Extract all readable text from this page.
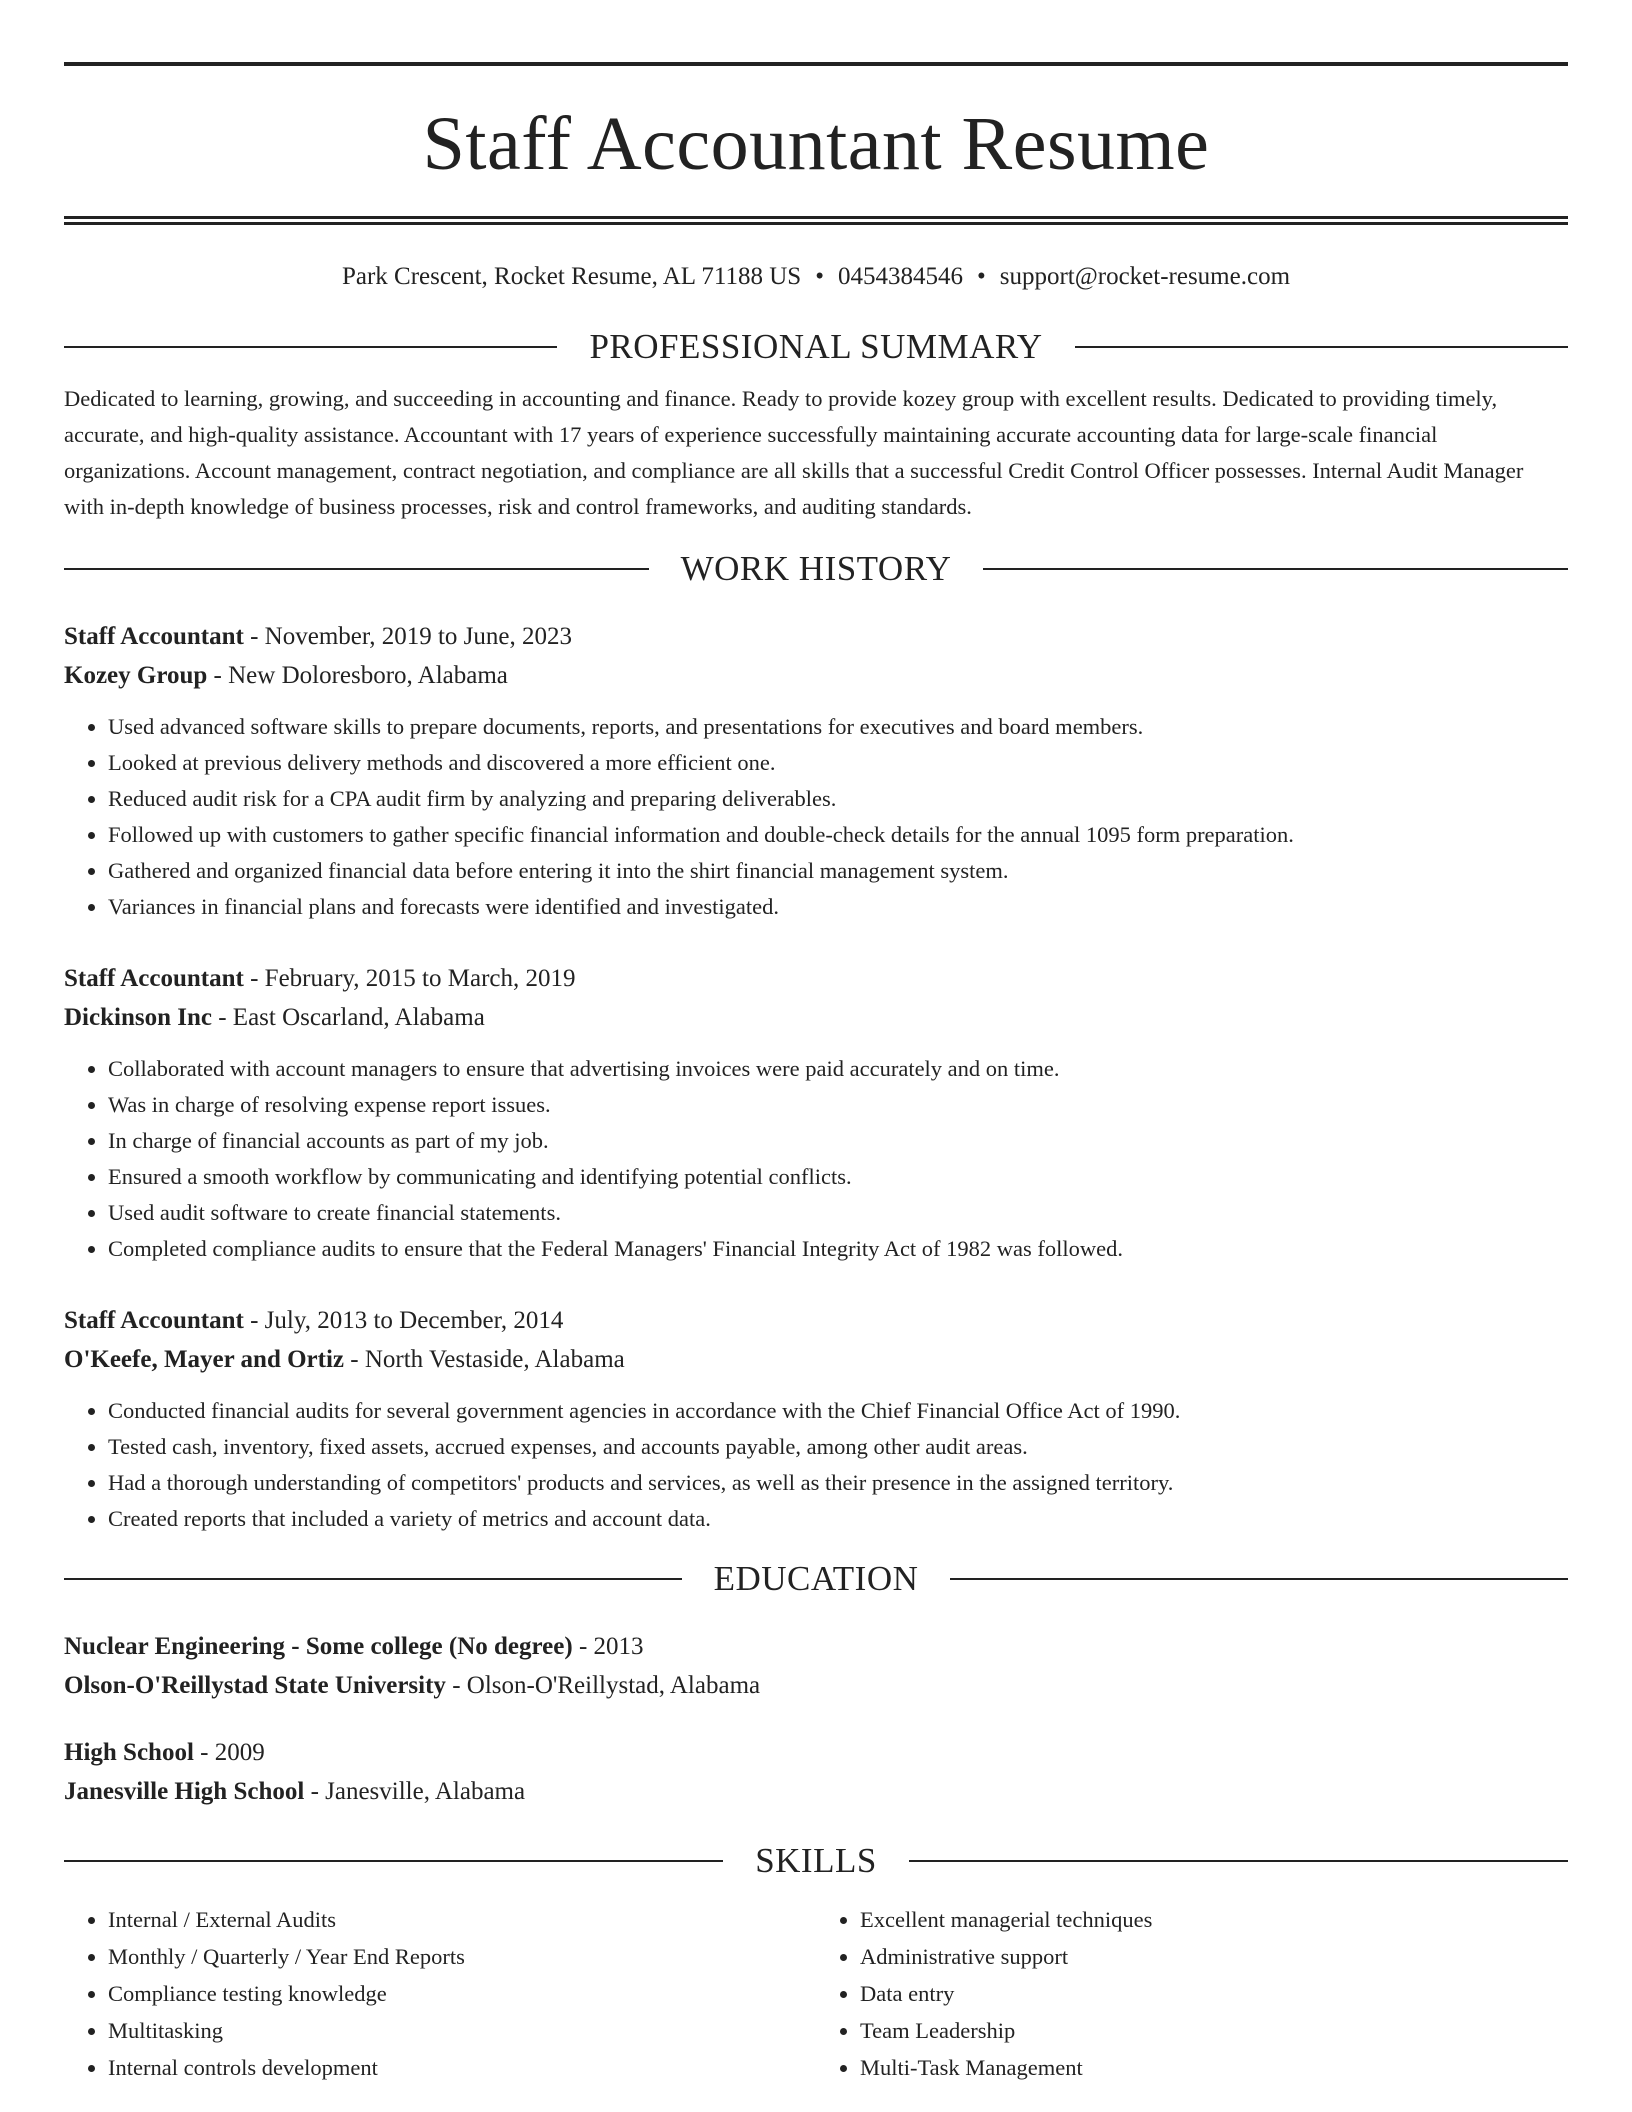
Staff Accountant Resume
Park Crescent, Rocket Resume, AL 71188 US • 0454384546 • support@rocket-resume.com
PROFESSIONAL SUMMARY
Dedicated to learning, growing, and succeeding in accounting and finance. Ready to provide kozey group with excellent results. Dedicated to providing timely, accurate, and high-quality assistance. Accountant with 17 years of experience successfully maintaining accurate accounting data for large-scale financial organizations. Account management, contract negotiation, and compliance are all skills that a successful Credit Control Officer possesses. Internal Audit Manager with in-depth knowledge of business processes, risk and control frameworks, and auditing standards.
WORK HISTORY
Staff Accountant - November, 2019 to June, 2023
Kozey Group - New Doloresboro, Alabama
• Used advanced software skills to prepare documents, reports, and presentations for executives and board members.
• Looked at previous delivery methods and discovered a more efficient one.
• Reduced audit risk for a CPA audit firm by analyzing and preparing deliverables.
• Followed up with customers to gather specific financial information and double-check details for the annual 1095 form preparation.
• Gathered and organized financial data before entering it into the shirt financial management system.
• Variances in financial plans and forecasts were identified and investigated.
Staff Accountant - February, 2015 to March, 2019
Dickinson Inc - East Oscarland, Alabama
• Collaborated with account managers to ensure that advertising invoices were paid accurately and on time.
• Was in charge of resolving expense report issues.
• In charge of financial accounts as part of my job.
• Ensured a smooth workflow by communicating and identifying potential conflicts.
• Used audit software to create financial statements.
• Completed compliance audits to ensure that the Federal Managers' Financial Integrity Act of 1982 was followed.
Staff Accountant - July, 2013 to December, 2014
O'Keefe, Mayer and Ortiz - North Vestaside, Alabama
• Conducted financial audits for several government agencies in accordance with the Chief Financial Office Act of 1990.
• Tested cash, inventory, fixed assets, accrued expenses, and accounts payable, among other audit areas.
• Had a thorough understanding of competitors' products and services, as well as their presence in the assigned territory.
• Created reports that included a variety of metrics and account data.
EDUCATION
Nuclear Engineering - Some college (No degree) - 2013
Olson-O'Reillystad State University - Olson-O'Reillystad, Alabama
High School - 2009
Janesville High School - Janesville, Alabama
SKILLS
• Internal / External Audits
• Monthly / Quarterly / Year End Reports
• Compliance testing knowledge
• Multitasking
• Internal controls development
• Excellent managerial techniques
• Administrative support
• Data entry
• Team Leadership
• Multi-Task Management
